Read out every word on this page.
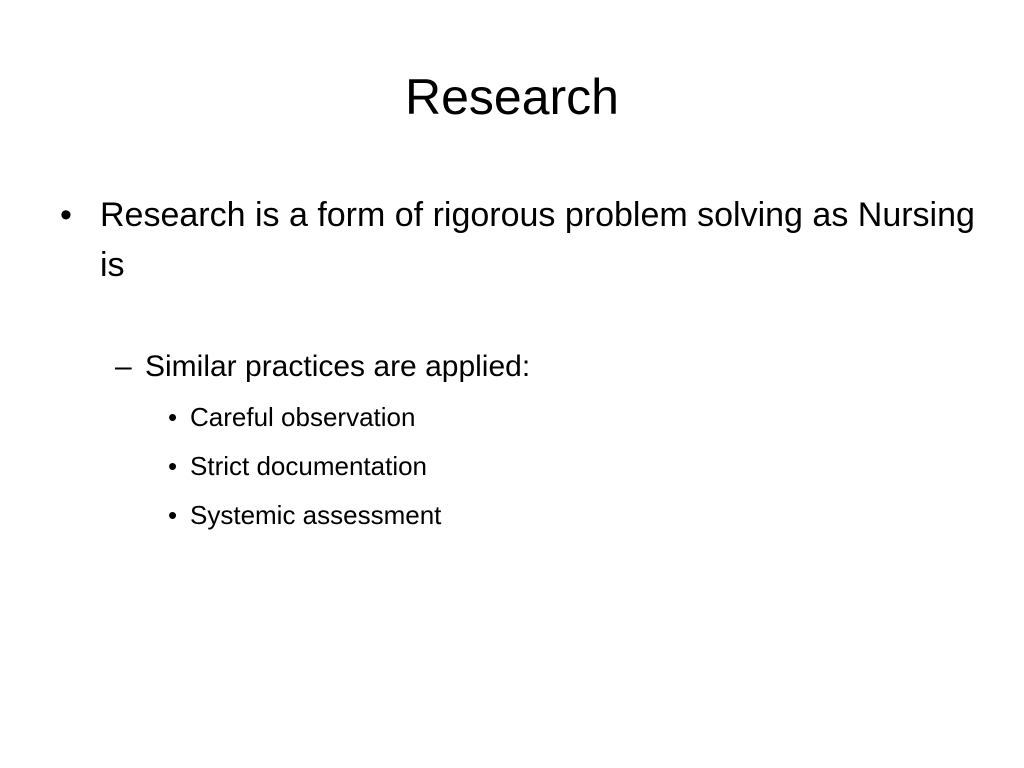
Research
• Research is a form of rigorous problem solving as Nursing is
– Similar practices are applied:
• Careful observation
• Strict documentation
• Systemic assessment
